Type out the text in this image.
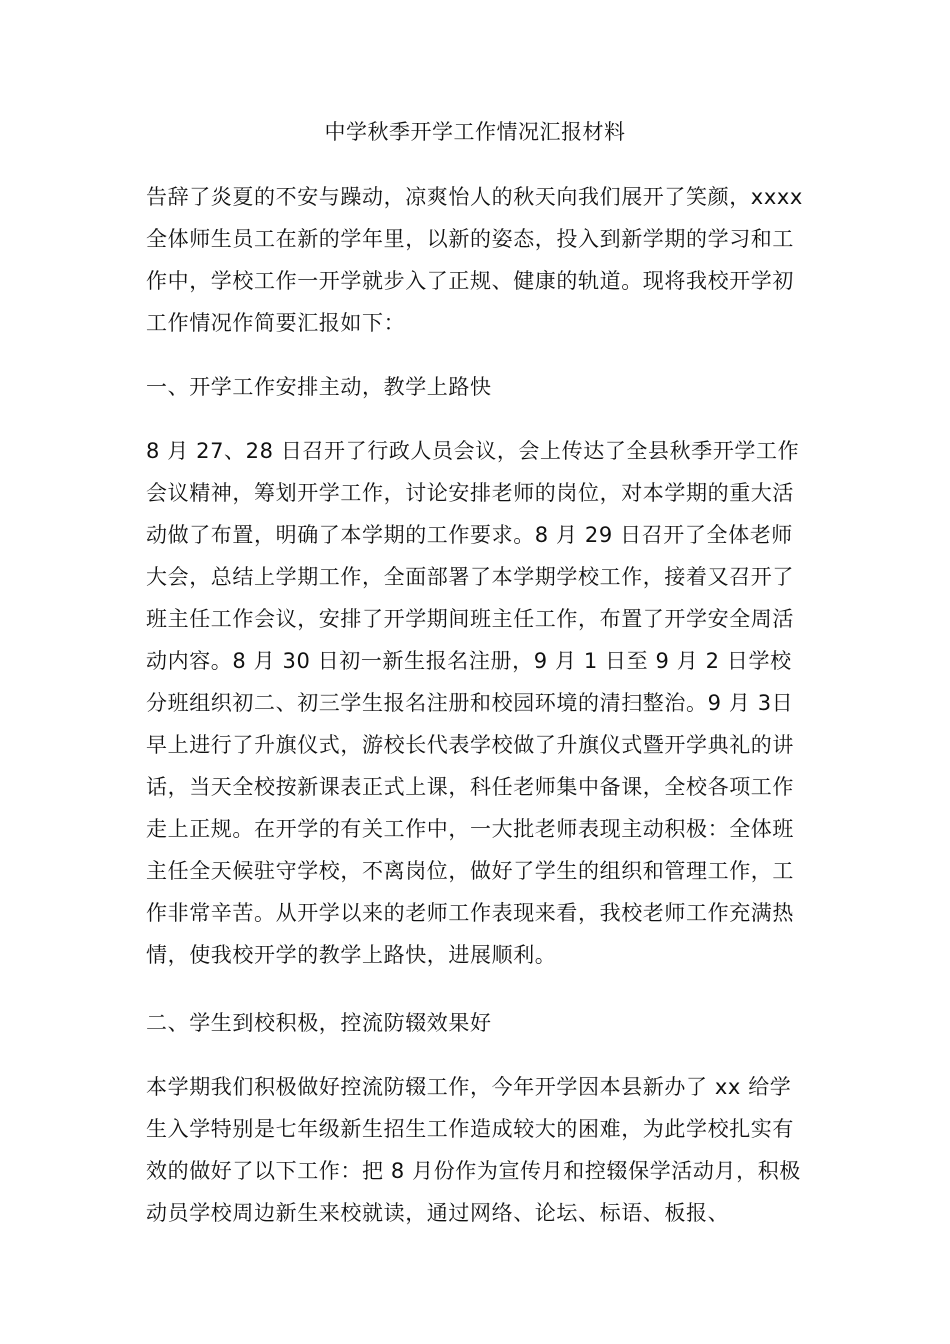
中学秋季开学工作情况汇报材料
告辞了炎夏的不安与躁动，凉爽怡人的秋天向我们展开了笑颜，xxxx 全体师生员工在新的学年里，以新的姿态，投入到新学期的学习和工作中，学校工作一开学就步入了正规、健康的轨道。现将我校开学初工作情况作简要汇报如下：
一、开学工作安排主动，教学上路快
8 月 27、28 日召开了行政人员会议，会上传达了全县秋季开学工作会议精神，筹划开学工作，讨论安排老师的岗位，对本学期的重大活动做了布置，明确了本学期的工作要求。8 月 29 日召开了全体老师大会，总结上学期工作，全面部署了本学期学校工作，接着又召开了班主任工作会议，安排了开学期间班主任工作，布置了开学安全周活动内容。8 月 30 日初一新生报名注册，9 月 1 日至 9 月 2 日学校分班组织初二、初三学生报名注册和校园环境的清扫整治。9 月 3日早上进行了升旗仪式，游校长代表学校做了升旗仪式暨开学典礼的讲话，当天全校按新课表正式上课，科任老师集中备课，全校各项工作走上正规。在开学的有关工作中，一大批老师表现主动积极：全体班主任全天候驻守学校，不离岗位，做好了学生的组织和管理工作，工作非常辛苦。从开学以来的老师工作表现来看，我校老师工作充满热情，使我校开学的教学上路快，进展顺利。
二、学生到校积极，控流防辍效果好
本学期我们积极做好控流防辍工作，今年开学因本县新办了 xx 给学生入学特别是七年级新生招生工作造成较大的困难，为此学校扎实有效的做好了以下工作：把 8 月份作为宣传月和控辍保学活动月，积极动员学校周边新生来校就读，通过网络、论坛、标语、板报、
